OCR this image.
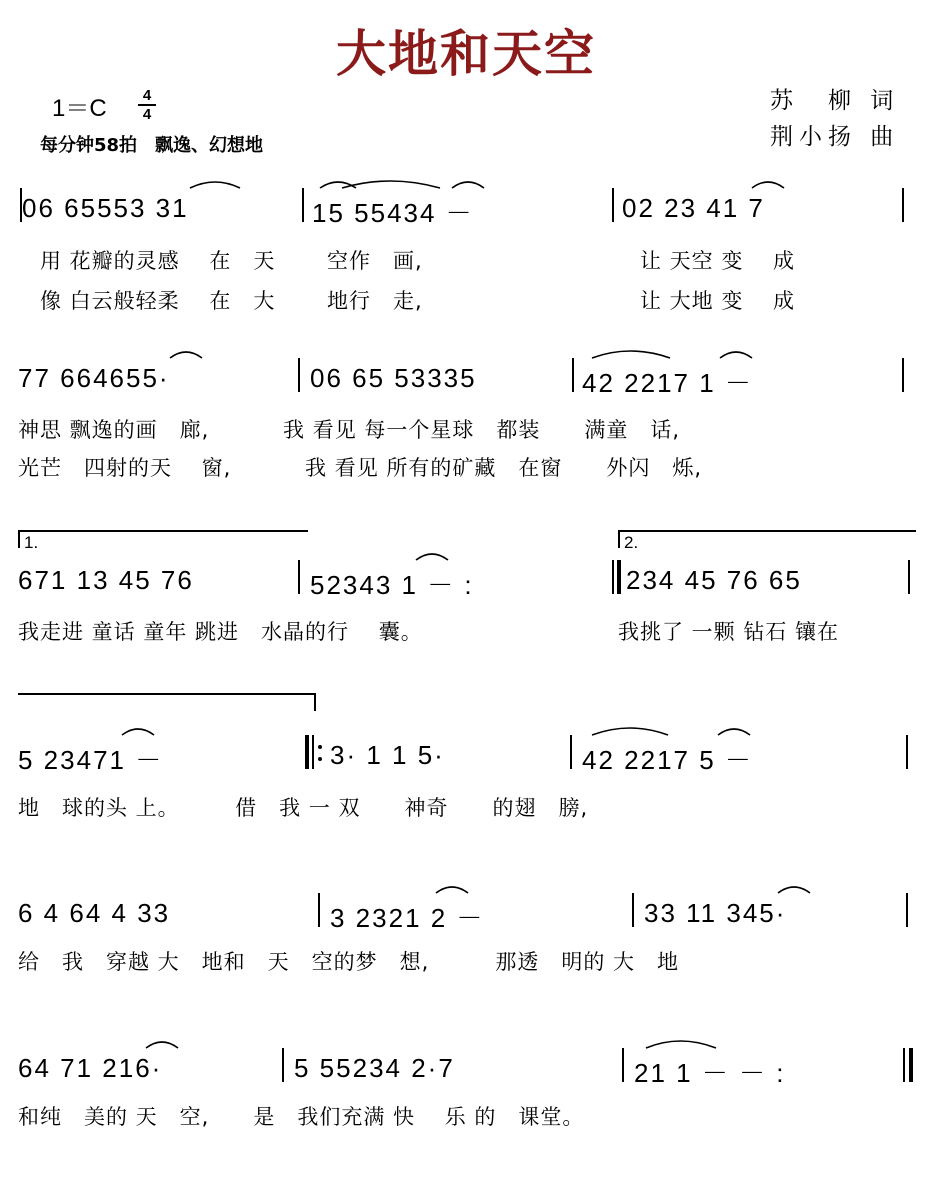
大地和天空
1＝C	4
4
每分钟58拍　飘逸、幻想地
苏　柳 词
荆小扬 曲
06 65553 31	15 55434 －	02 23 41 7
用 花瓣的灵感　 在　天　　 空作　画,	让 天空 变　 成
像 白云般轻柔　 在　大　　 地行　走,	让 大地 变　 成
77 664655·	06 65 53335	42 2217 1 －
神思 飘逸的画　廊,　　　 我 看见 每一个星球　都装　　满童　话,
光芒　四射的天　 窗,　　　 我 看见 所有的矿藏　在窗　　外闪　烁,
1.	2.
671 13 45 76	52343 1 － :	234 45 76 65
我走进 童话 童年 跳进　水晶的行　 囊。	我挑了 一颗 钻石 镶在
5 23471 －	3· 1 1 5·	42 2217 5 －
地　球的头 上。　　　借　我 一 双　　神奇　　的翅　膀,
6 4 64 4 33	3 2321 2 －	33 11 345·
给　我　穿越 大　地和　天　空的梦　想,　　　那透　明的 大　地
64 71 216·	5 55234 2·7	21 1 － － :
和纯　美的 天　空,　　是　我们充满 快　 乐 的　课堂。
